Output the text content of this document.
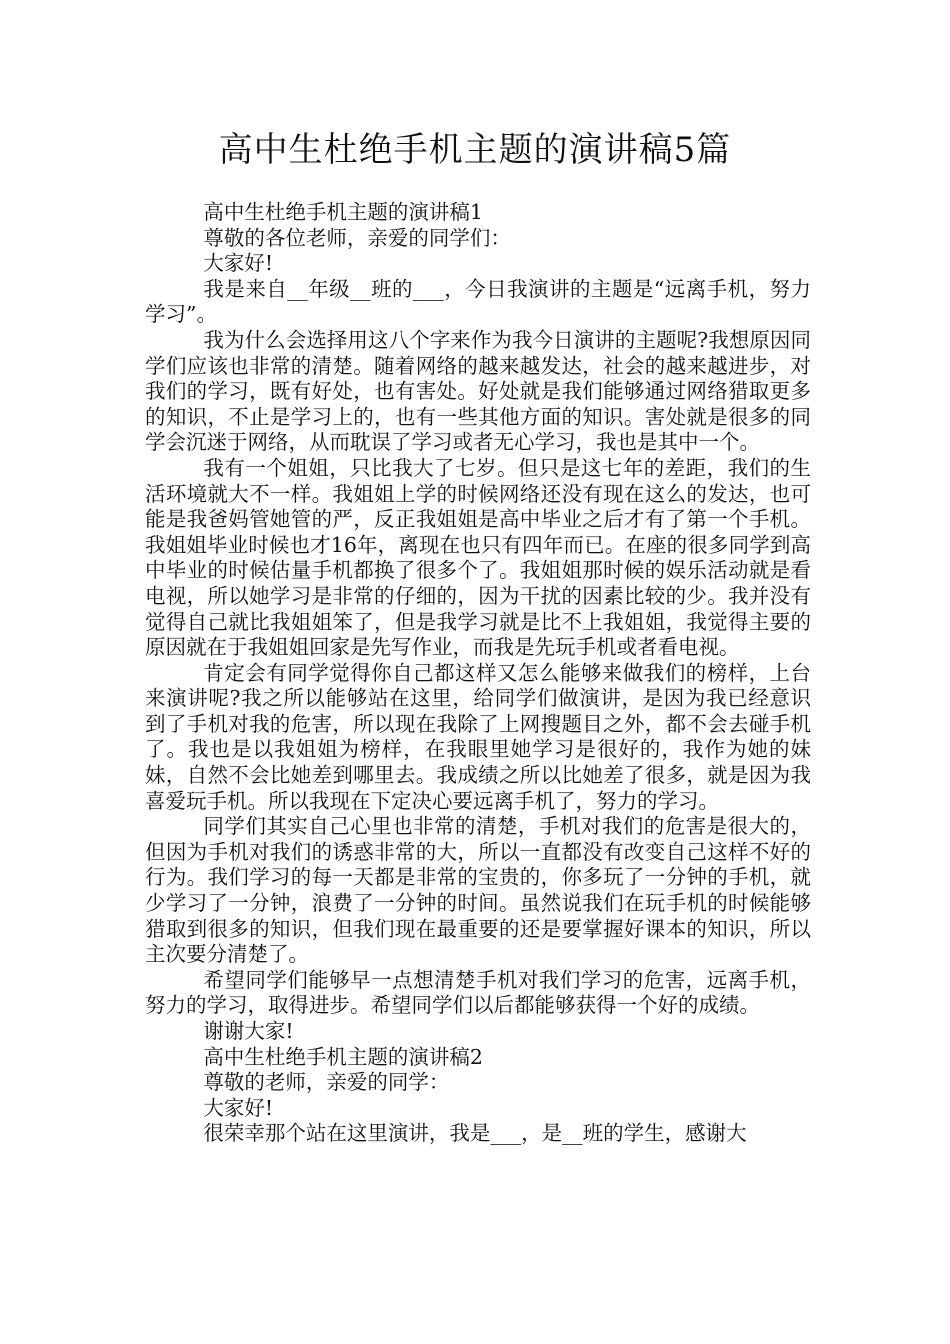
高中生杜绝手机主题的演讲稿5篇

高中生杜绝手机主题的演讲稿1

尊敬的各位老师，亲爱的同学们：

大家好!

我是来自__年级__班的___，今日我演讲的主题是“远离手机，努力学习”。

我为什么会选择用这八个字来作为我今日演讲的主题呢?我想原因同学们应该也非常的清楚。随着网络的越来越发达，社会的越来越进步，对我们的学习，既有好处，也有害处。好处就是我们能够通过网络猎取更多的知识，不止是学习上的，也有一些其他方面的知识。害处就是很多的同学会沉迷于网络，从而耽误了学习或者无心学习，我也是其中一个。

我有一个姐姐，只比我大了七岁。但只是这七年的差距，我们的生活环境就大不一样。我姐姐上学的时候网络还没有现在这么的发达，也可能是我爸妈管她管的严，反正我姐姐是高中毕业之后才有了第一个手机。我姐姐毕业时候也才16年，离现在也只有四年而已。在座的很多同学到高中毕业的时候估量手机都换了很多个了。我姐姐那时候的娱乐活动就是看电视，所以她学习是非常的仔细的，因为干扰的因素比较的少。我并没有觉得自己就比我姐姐笨了，但是我学习就是比不上我姐姐，我觉得主要的原因就在于我姐姐回家是先写作业，而我是先玩手机或者看电视。

肯定会有同学觉得你自己都这样又怎么能够来做我们的榜样，上台来演讲呢?我之所以能够站在这里，给同学们做演讲，是因为我已经意识到了手机对我的危害，所以现在我除了上网搜题目之外，都不会去碰手机了。我也是以我姐姐为榜样，在我眼里她学习是很好的，我作为她的妹妹，自然不会比她差到哪里去。我成绩之所以比她差了很多，就是因为我喜爱玩手机。所以我现在下定决心要远离手机了，努力的学习。

同学们其实自己心里也非常的清楚，手机对我们的危害是很大的，但因为手机对我们的诱惑非常的大，所以一直都没有改变自己这样不好的行为。我们学习的每一天都是非常的宝贵的，你多玩了一分钟的手机，就少学习了一分钟，浪费了一分钟的时间。虽然说我们在玩手机的时候能够猎取到很多的知识，但我们现在最重要的还是要掌握好课本的知识，所以主次要分清楚了。

希望同学们能够早一点想清楚手机对我们学习的危害，远离手机，努力的学习，取得进步。希望同学们以后都能够获得一个好的成绩。

谢谢大家!

高中生杜绝手机主题的演讲稿2

尊敬的老师，亲爱的同学：

大家好!

很荣幸那个站在这里演讲，我是___，是__班的学生，感谢大
